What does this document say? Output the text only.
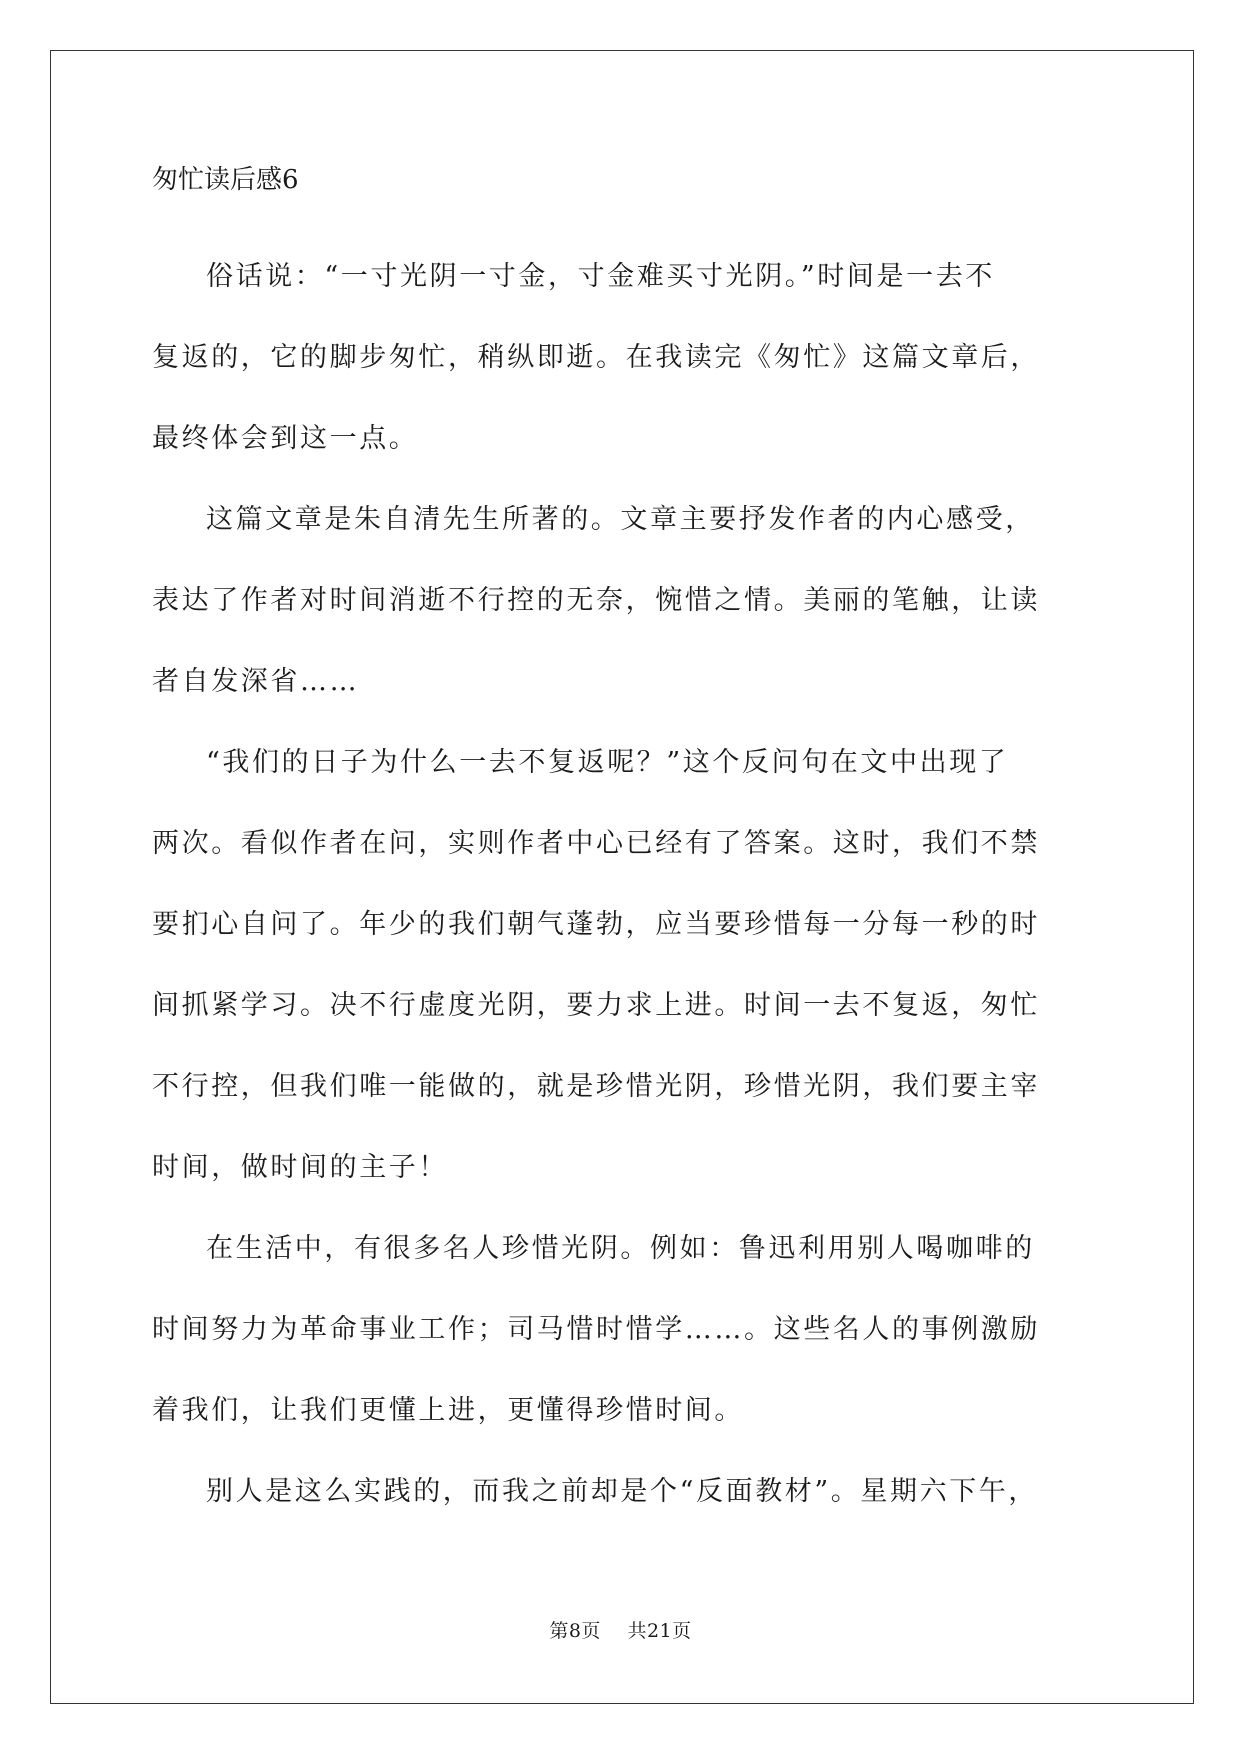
匆忙读后感6

俗话说：“一寸光阴一寸金，寸金难买寸光阴。”时间是一去不
复返的，它的脚步匆忙，稍纵即逝。在我读完《匆忙》这篇文章后，
最终体会到这一点。

这篇文章是朱自清先生所著的。文章主要抒发作者的内心感受，
表达了作者对时间消逝不行控的无奈，惋惜之情。美丽的笔触，让读
者自发深省……

“我们的日子为什么一去不复返呢？”这个反问句在文中出现了
两次。看似作者在问，实则作者中心已经有了答案。这时，我们不禁
要扪心自问了。年少的我们朝气蓬勃，应当要珍惜每一分每一秒的时
间抓紧学习。决不行虚度光阴，要力求上进。时间一去不复返，匆忙
不行控，但我们唯一能做的，就是珍惜光阴，珍惜光阴，我们要主宰
时间，做时间的主子！

在生活中，有很多名人珍惜光阴。例如：鲁迅利用别人喝咖啡的
时间努力为革命事业工作；司马惜时惜学……。这些名人的事例激励
着我们，让我们更懂上进，更懂得珍惜时间。

别人是这么实践的，而我之前却是个“反面教材”。星期六下午，

第8页 共21页
